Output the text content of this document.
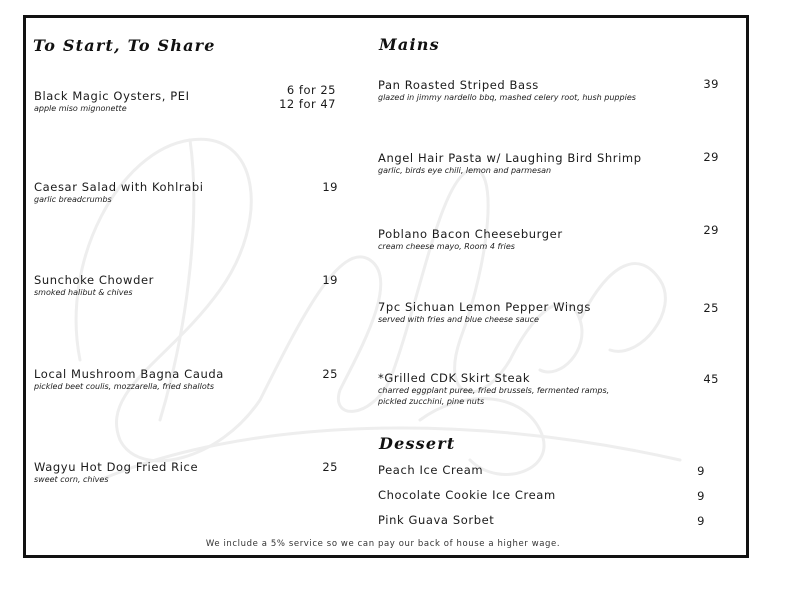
To Start, To Share
Black Magic Oysters, PEI
apple miso mignonette
6 for 25
12 for 47
Caesar Salad with Kohlrabi
garlic breadcrumbs
19
Sunchoke Chowder
smoked halibut & chives
19
Local Mushroom Bagna Cauda
pickled beet coulis, mozzarella, fried shallots
25
Wagyu Hot Dog Fried Rice
sweet corn, chives
25
Mains
Pan Roasted Striped Bass
glazed in jimmy nardello bbq, mashed celery root, hush puppies
39
Angel Hair Pasta w/ Laughing Bird Shrimp
garlic, birds eye chili, lemon and parmesan
29
Poblano Bacon Cheeseburger
cream cheese mayo, Room 4 fries
29
7pc Sichuan Lemon Pepper Wings
served with fries and blue cheese sauce
25
*Grilled CDK Skirt Steak
charred eggplant puree, fried brussels, fermented ramps,
pickled zucchini, pine nuts
45
Dessert
Peach Ice Cream	9
Chocolate Cookie Ice Cream	9
Pink Guava Sorbet	9
We include a 5% service so we can pay our back of house a higher wage.
